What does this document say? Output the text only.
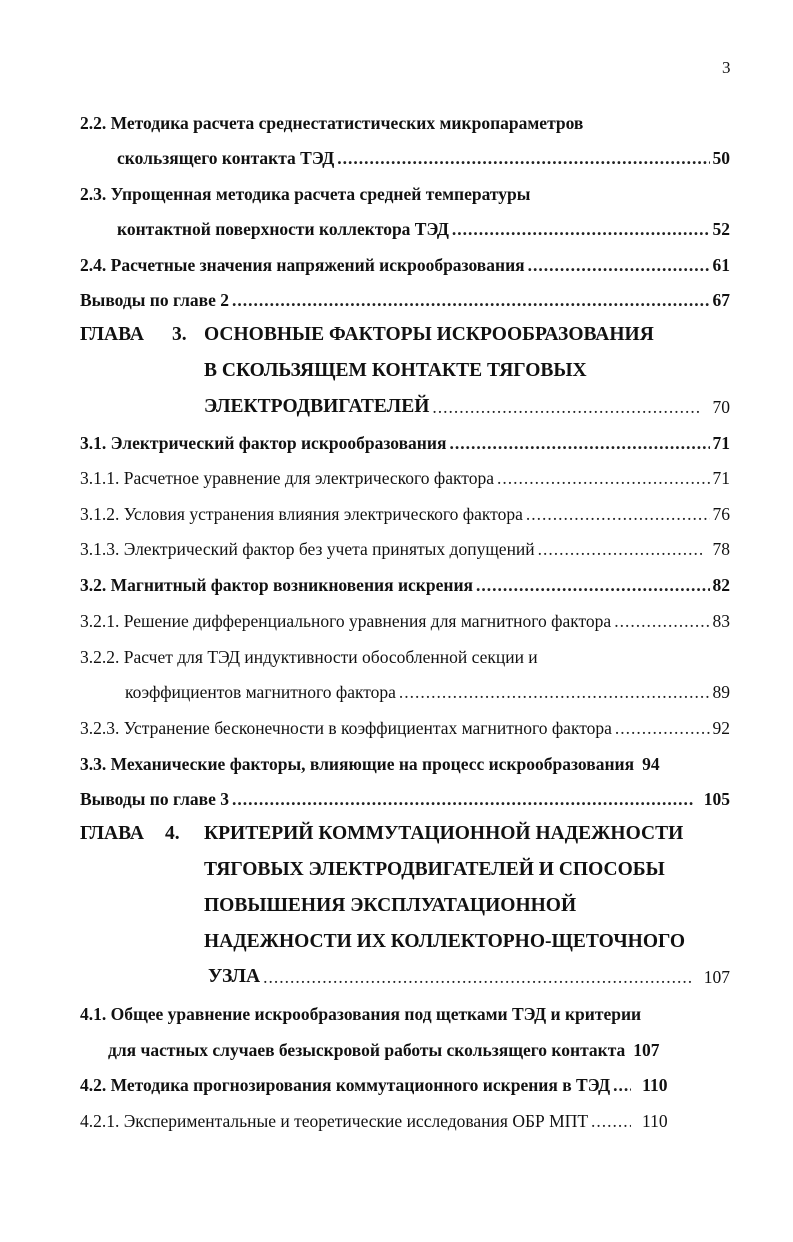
3
2.2. Методика расчета среднестатистических микропараметров
скользящего контакта ТЭД .....	50
2.3. Упрощенная методика расчета средней температуры
контактной поверхности коллектора ТЭД .....	52
2.4. Расчетные значения напряжений искрообразования .....	61
Выводы по главе 2 .....	67
ГЛАВА 3. ОСНОВНЫЕ ФАКТОРЫ ИСКРООБРАЗОВАНИЯ
В СКОЛЬЗЯЩЕМ КОНТАКТЕ ТЯГОВЫХ
ЭЛЕКТРОДВИГАТЕЛЕЙ .....	70
3.1. Электрический фактор искрообразования .....	71
3.1.1. Расчетное уравнение для электрического фактора .....	71
3.1.2. Условия устранения влияния электрического фактора .....	76
3.1.3. Электрический фактор без учета принятых допущений .....	78
3.2. Магнитный фактор возникновения искрения .....	82
3.2.1. Решение дифференциального уравнения для магнитного фактора .....	83
3.2.2. Расчет для ТЭД индуктивности обособленной секции и
коэффициентов магнитного фактора .....	89
3.2.3. Устранение бесконечности в коэффициентах магнитного фактора .....	92
3.3. Механические факторы, влияющие на процесс искрообразования 94
Выводы по главе 3 .....	105
ГЛАВА 4. КРИТЕРИЙ КОММУТАЦИОННОЙ НАДЕЖНОСТИ
ТЯГОВЫХ ЭЛЕКТРОДВИГАТЕЛЕЙ И СПОСОБЫ
ПОВЫШЕНИЯ ЭКСПЛУАТАЦИОННОЙ
НАДЕЖНОСТИ ИХ КОЛЛЕКТОРНО-ЩЕТОЧНОГО
УЗЛА .....	107
4.1. Общее уравнение искрообразования под щетками ТЭД и критерии
для частных случаев безыскровой работы скользящего контакта 107
4.2. Методика прогнозирования коммутационного искрения в ТЭД ..... 110
4.2.1. Экспериментальные и теоретические исследования ОБР МПТ .....	110
